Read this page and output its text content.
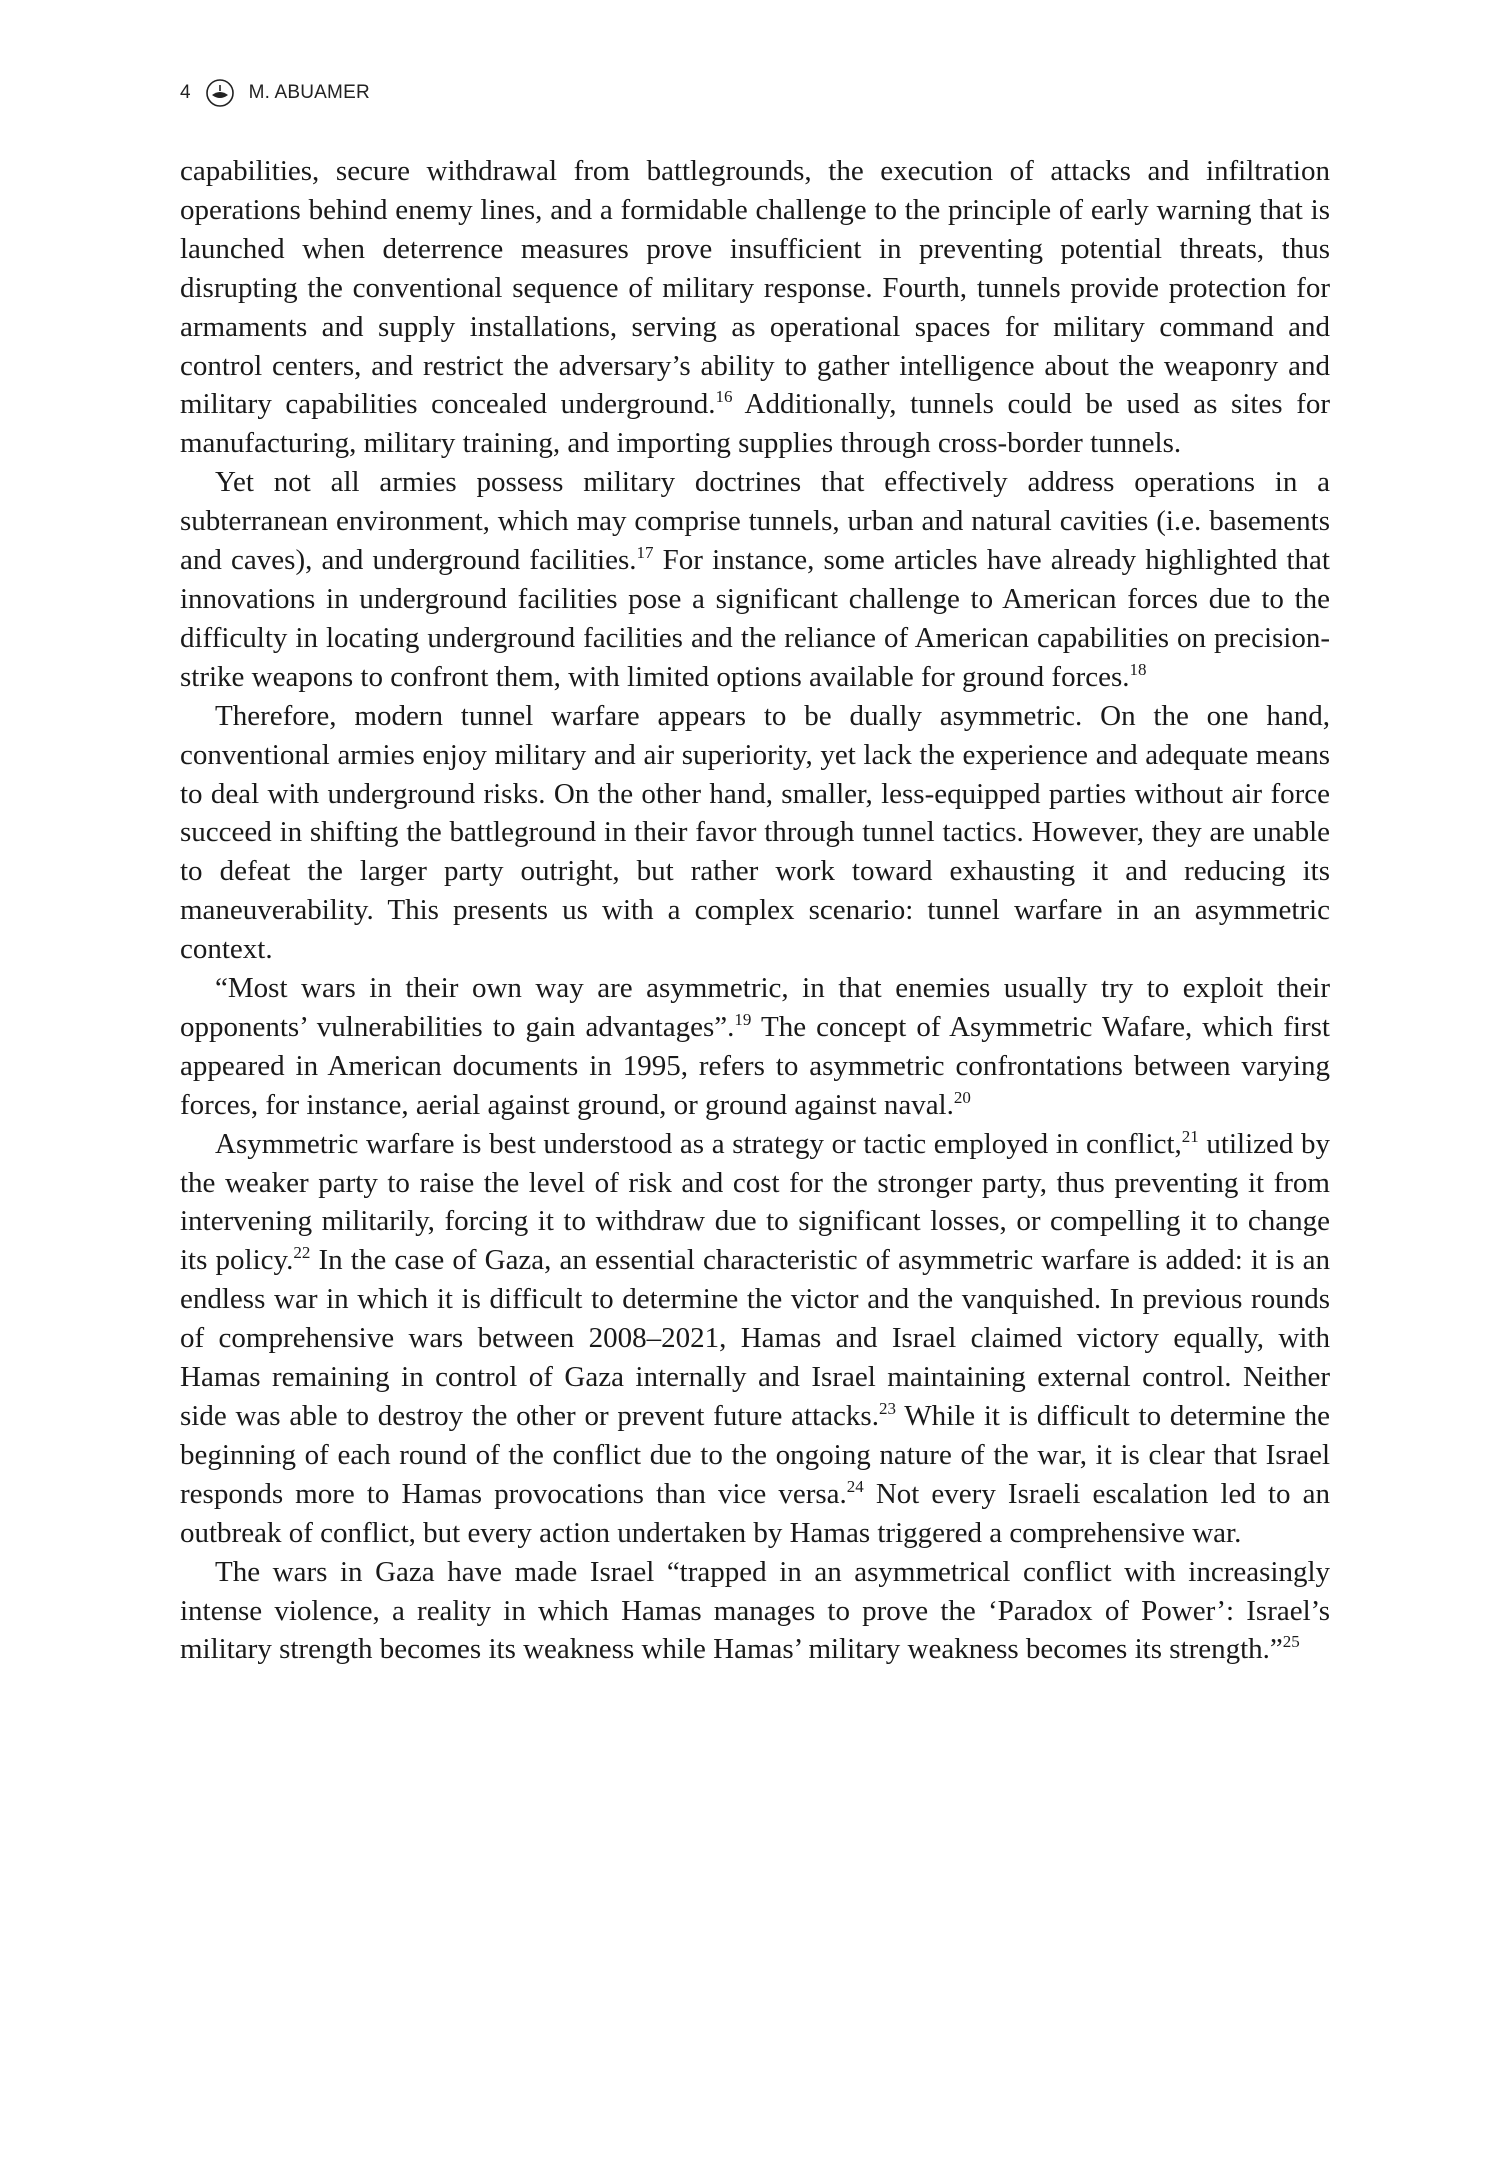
4	M. ABUAMER

capabilities, secure withdrawal from battlegrounds, the execution of attacks and infiltration operations behind enemy lines, and a formidable challenge to the principle of early warning that is launched when deterrence measures prove insufficient in preventing potential threats, thus disrupting the conventional sequence of military response. Fourth, tunnels provide protection for armaments and supply installations, serving as operational spaces for military command and control centers, and restrict the adversary’s ability to gather intelligence about the weaponry and military capabilities concealed underground.$^{16}$ Additionally, tunnels could be used as sites for manufacturing, military training, and importing supplies through cross-border tunnels.

Yet not all armies possess military doctrines that effectively address operations in a subterranean environment, which may comprise tunnels, urban and natural cavities (i.e. basements and caves), and underground facilities.$^{17}$ For instance, some articles have already highlighted that innovations in underground facilities pose a significant challenge to American forces due to the difficulty in locating underground facilities and the reliance of American capabilities on precision-strike weapons to confront them, with limited options available for ground forces.$^{18}$

Therefore, modern tunnel warfare appears to be dually asymmetric. On the one hand, conventional armies enjoy military and air superiority, yet lack the experience and adequate means to deal with underground risks. On the other hand, smaller, less-equipped parties without air force succeed in shifting the battleground in their favor through tunnel tactics. However, they are unable to defeat the larger party outright, but rather work toward exhausting it and reducing its maneuverability. This presents us with a complex scenario: tunnel warfare in an asymmetric context.

“Most wars in their own way are asymmetric, in that enemies usually try to exploit their opponents’ vulnerabilities to gain advantages”.$^{19}$ The concept of Asymmetric Wafare, which first appeared in American documents in 1995, refers to asymmetric confrontations between varying forces, for instance, aerial against ground, or ground against naval.$^{20}$

Asymmetric warfare is best understood as a strategy or tactic employed in conflict,$^{21}$ utilized by the weaker party to raise the level of risk and cost for the stronger party, thus preventing it from intervening militarily, forcing it to withdraw due to significant losses, or compelling it to change its policy.$^{22}$ In the case of Gaza, an essential characteristic of asymmetric warfare is added: it is an endless war in which it is difficult to determine the victor and the vanquished. In previous rounds of comprehensive wars between 2008–2021, Hamas and Israel claimed victory equally, with Hamas remaining in control of Gaza internally and Israel maintaining external control. Neither side was able to destroy the other or prevent future attacks.$^{23}$ While it is difficult to determine the beginning of each round of the conflict due to the ongoing nature of the war, it is clear that Israel responds more to Hamas provocations than vice versa.$^{24}$ Not every Israeli escalation led to an outbreak of conflict, but every action undertaken by Hamas triggered a comprehensive war.

The wars in Gaza have made Israel “trapped in an asymmetrical conflict with increasingly intense violence, a reality in which Hamas manages to prove the ‘Paradox of Power’: Israel’s military strength becomes its weakness while Hamas’ military weakness becomes its strength.”$^{25}$
